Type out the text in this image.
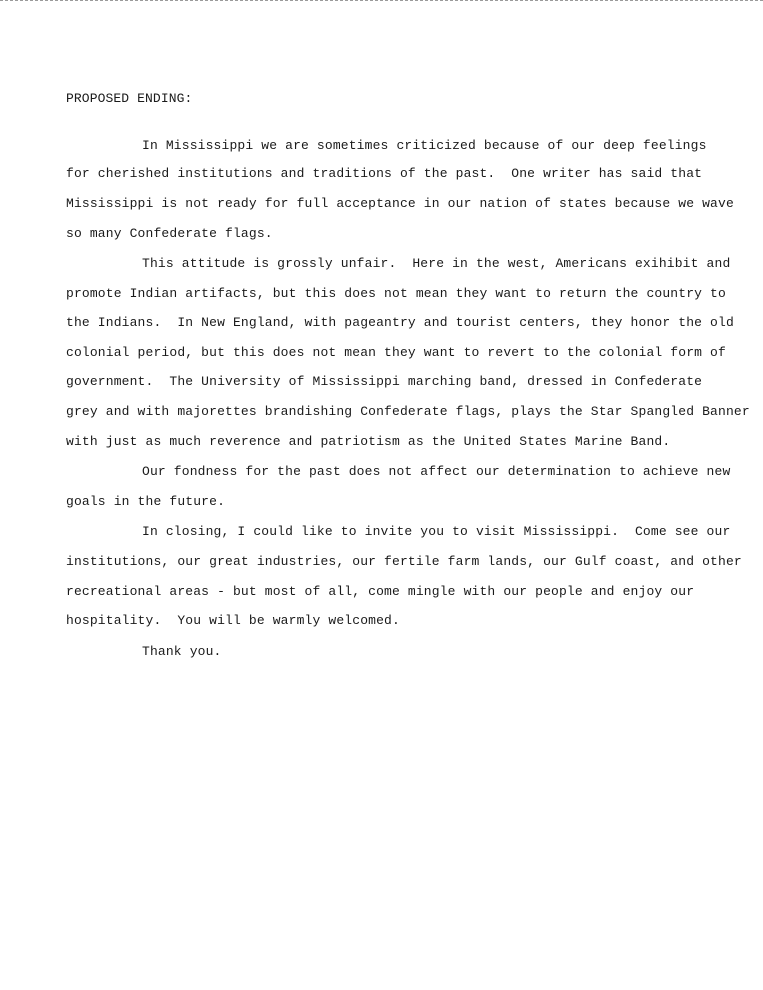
PROPOSED ENDING:
In Mississippi we are sometimes criticized because of our deep feelings
for cherished institutions and traditions of the past.  One writer has said that
Mississippi is not ready for full acceptance in our nation of states because we wave
so many Confederate flags.
This attitude is grossly unfair.  Here in the west, Americans exihibit and
promote Indian artifacts, but this does not mean they want to return the country to
the Indians.  In New England, with pageantry and tourist centers, they honor the old
colonial period, but this does not mean they want to revert to the colonial form of
government.  The University of Mississippi marching band, dressed in Confederate
grey and with majorettes brandishing Confederate flags, plays the Star Spangled Banner
with just as much reverence and patriotism as the United States Marine Band.
Our fondness for the past does not affect our determination to achieve new
goals in the future.
In closing, I could like to invite you to visit Mississippi.  Come see our
institutions, our great industries, our fertile farm lands, our Gulf coast, and other
recreational areas - but most of all, come mingle with our people and enjoy our
hospitality.  You will be warmly welcomed.
Thank you.
